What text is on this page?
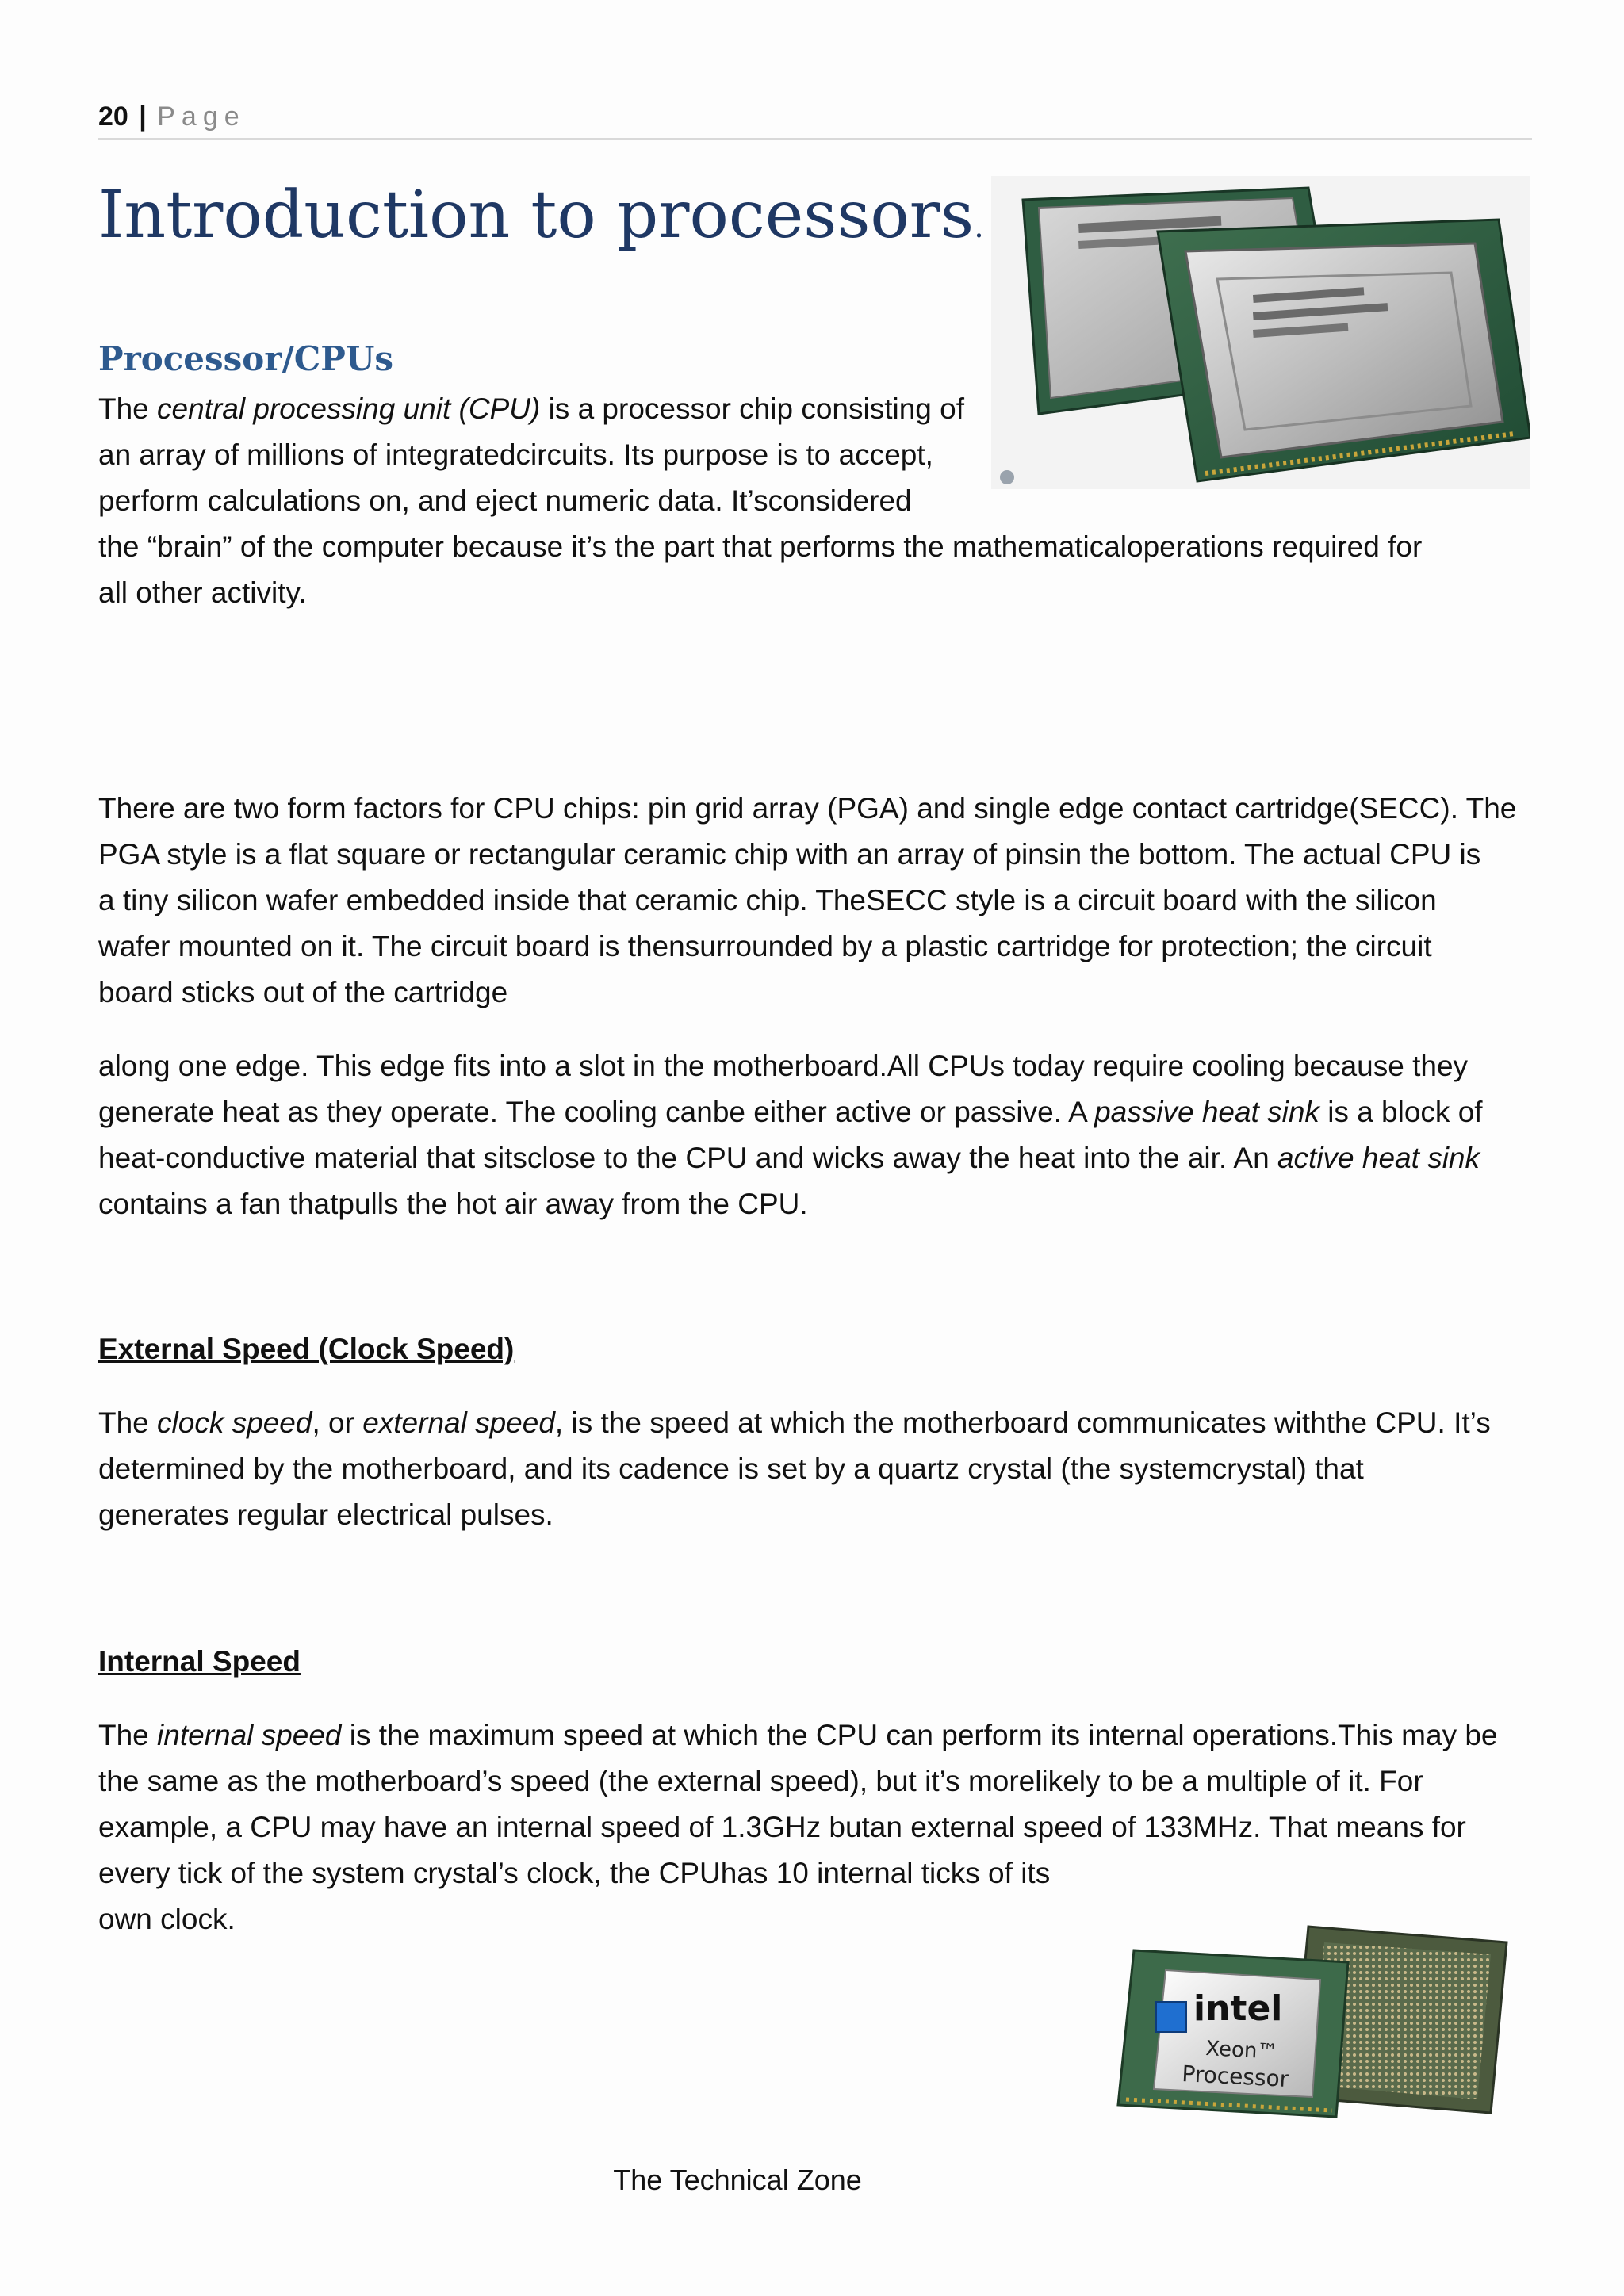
20 | Page
Introduction to processors.
Processor/CPUs

The central processing unit (CPU) is a processor chip consisting of
an array of millions of integratedcircuits. Its purpose is to accept,
perform calculations on, and eject numeric data. It’sconsidered
the “brain” of the computer because it’s the part that performs the mathematicaloperations required for
all other activity.

There are two form factors for CPU chips: pin grid array (PGA) and single edge contact cartridge(SECC). The
PGA style is a flat square or rectangular ceramic chip with an array of pinsin the bottom. The actual CPU is
a tiny silicon wafer embedded inside that ceramic chip. TheSECC style is a circuit board with the silicon
wafer mounted on it. The circuit board is thensurrounded by a plastic cartridge for protection; the circuit
board sticks out of the cartridge

along one edge. This edge fits into a slot in the motherboard.All CPUs today require cooling because they
generate heat as they operate. The cooling canbe either active or passive. A passive heat sink is a block of
heat-conductive material that sitsclose to the CPU and wicks away the heat into the air. An active heat sink
contains a fan thatpulls the hot air away from the CPU.

External Speed (Clock Speed)

The clock speed, or external speed, is the speed at which the motherboard communicates withthe CPU. It’s
determined by the motherboard, and its cadence is set by a quartz crystal (the systemcrystal) that
generates regular electrical pulses.

Internal Speed

The internal speed is the maximum speed at which the CPU can perform its internal operations.This may be
the same as the motherboard’s speed (the external speed), but it’s morelikely to be a multiple of it. For
example, a CPU may have an internal speed of 1.3GHz butan external speed of 133MHz. That means for
every tick of the system crystal’s clock, the CPUhas 10 internal ticks of its
own clock.

intel
Xeon™
Processor
The Technical Zone
